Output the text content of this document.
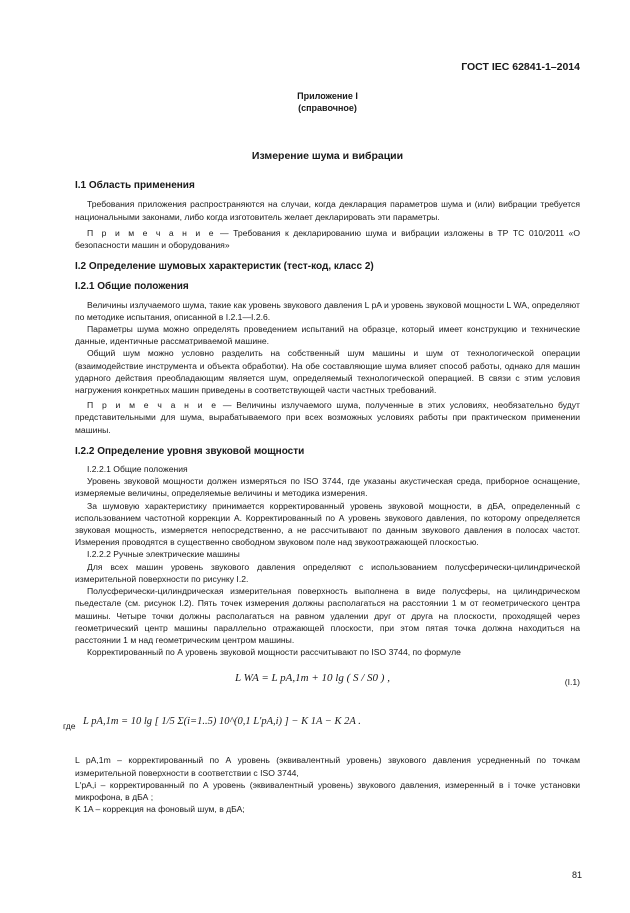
ГОСТ IEC 62841-1–2014
Приложение I
(справочное)
Измерение шума и вибрации
I.1 Область применения

Требования приложения распространяются на случаи, когда декларация параметров шума и (или) вибрации требуется национальными законами, либо когда изготовитель желает декларировать эти параметры.

П р и м е ч а н и е — Требования к декларированию шума и вибрации изложены в ТР ТС 010/2011 «О безопасности машин и оборудования»

I.2 Определение шумовых характеристик (тест-код, класс 2)
I.2.1 Общие положения

Величины излучаемого шума, такие как уровень звукового давления L pA и уровень звуковой мощности L WA, определяют по методике испытания, описанной в I.2.1—I.2.6.

Параметры шума можно определять проведением испытаний на образце, который имеет конструкцию и технические данные, идентичные рассматриваемой машине.

Общий шум можно условно разделить на собственный шум машины и шум от технологической операции (взаимодействие инструмента и объекта обработки). На обе составляющие шума влияет способ работы, однако для машин ударного действия преобладающим является шум, определяемый технологической операцией. В связи с этим условия нагружения конкретных машин приведены в соответствующей части частных требований.

П р и м е ч а н и е — Величины излучаемого шума, полученные в этих условиях, необязательно будут представительными для шума, вырабатываемого при всех возможных условиях работы при практическом применении машины.

I.2.2 Определение уровня звуковой мощности

I.2.2.1 Общие положения

Уровень звуковой мощности должен измеряться по ISO 3744, где указаны акустическая среда, приборное оснащение, измеряемые величины, определяемые величины и методика измерения.

За шумовую характеристику принимается корректированный уровень звуковой мощности, в дБА, определенный с использованием частотной коррекции А. Корректированный по А уровень звукового давления, по которому определяется звуковая мощность, измеряется непосредственно, а не рассчитывают по данным звукового давления в полосах частот. Измерения проводятся в существенно свободном звуковом поле над звукоотражающей плоскостью.

I.2.2.2 Ручные электрические машины

Для всех машин уровень звукового давления определяют с использованием полусферически-цилиндрической измерительной поверхности по рисунку I.2.

Полусферически-цилиндрическая измерительная поверхность выполнена в виде полусферы, на цилиндрическом пьедестале (см. рисунок I.2). Пять точек измерения должны располагаться на расстоянии 1 м от геометрического центра машины. Четыре точки должны располагаться на равном удалении друг от друга на плоскости, проходящей через геометрический центр машины параллельно отражающей плоскости, при этом пятая точка должна находиться на расстоянии 1 м над геометрическим центром машины.

Корректированный по А уровень звуковой мощности рассчитывают по ISO 3744, по формуле

L WA = L pA,1m + 10 lg ( S / S0 ) ,	(I.1)
где L pA,1m = 10 lg [ 1/5 Σ(i=1..5) 10^(0,1 L′pA,i) ] − K 1A − K 2A .

L pA,1m – корректированный по А уровень (эквивалентный уровень) звукового давления усредненный по точкам измерительной поверхности в соответствии с ISO 3744,

L′pA,i – корректированный по А уровень (эквивалентный уровень) звукового давления, измеренный в i точке установки микрофона, в дБА ;

K 1A – коррекция на фоновый шум, в дБА;

81
